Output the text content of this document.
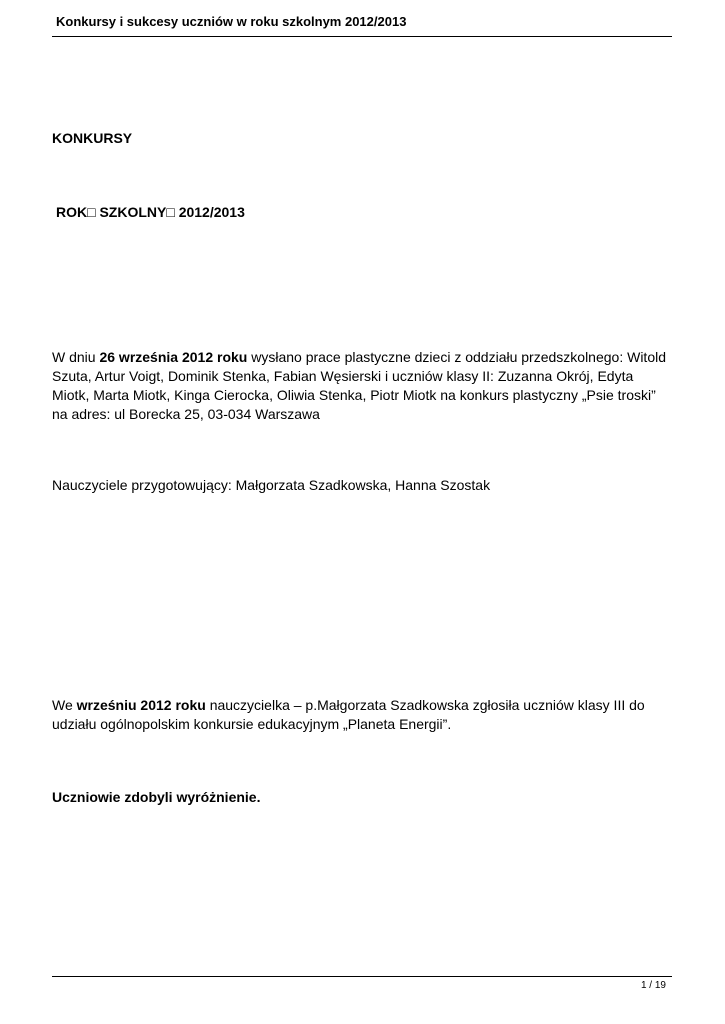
Konkursy i sukcesy uczniów w roku szkolnym 2012/2013
KONKURSY
ROK□ SZKOLNY□ 2012/2013
W dniu 26 września 2012 roku wysłano prace plastyczne dzieci z oddziału przedszkolnego: Witold Szuta, Artur Voigt, Dominik Stenka, Fabian Węsierski i uczniów klasy II: Zuzanna Okrój, Edyta Miotk, Marta Miotk, Kinga Cierocka, Oliwia Stenka, Piotr Miotk na konkurs plastyczny „Psie troski” na adres: ul Borecka 25, 03-034 Warszawa
Nauczyciele przygotowujący: Małgorzata Szadkowska, Hanna Szostak
We wrześniu 2012 roku nauczycielka – p.Małgorzata Szadkowska zgłosiła uczniów klasy III do udziału ogólnopolskim konkursie edukacyjnym „Planeta Energii”.
Uczniowie zdobyli wyróżnienie.
1 / 19
